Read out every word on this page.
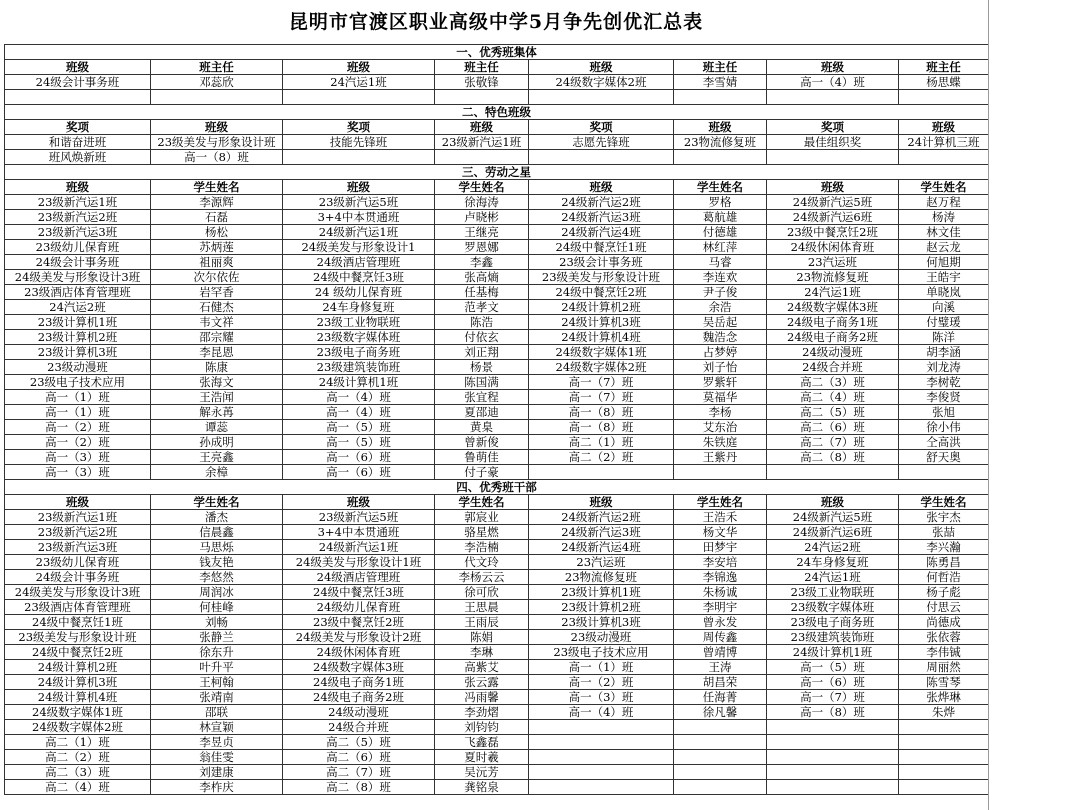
昆明市官渡区职业高级中学5月争先创优汇总表
一、优秀班集体							
班级	班主任	班级	班主任	班级	班主任	班级	班主任
24级会计事务班	邓蕊欣	24汽运1班	张敬锋	24级数字媒体2班	李雪婧	高一（4）班	杨思蝶

二、特色班级							
奖项	班级	奖项	班级	奖项	班级	奖项	班级
和谐奋进班	23级美发与形象设计班	技能先锋班	23级新汽运1班	志愿先锋班	23物流修复班	最佳组织奖	24计算机三班
班风焕新班	高一（8）班						
三、劳动之星							
班级	学生姓名	班级	学生姓名	班级	学生姓名	班级	学生姓名
23级新汽运1班	李源辉	23级新汽运5班	徐海涛	24级新汽运2班	罗格	24级新汽运5班	赵万程
23级新汽运2班	石磊	3+4中本贯通班	卢晓彬	24级新汽运3班	葛航雄	24级新汽运6班	杨涛
23级新汽运3班	杨松	24级新汽运1班	王继亮	24级新汽运4班	付德雄	23级中餐烹饪2班	林文佳
23级幼儿保育班	苏炳莲	24级美发与形象设计1	罗恩娜	24级中餐烹饪1班	林红萍	24级休闲体育班	赵云龙
24级会计事务班	祖丽爽	24级酒店管理班	李鑫	23级会计事务班	马睿	23汽运班	何旭期
24级美发与形象设计3班	次尔依佐	24级中餐烹饪3班	张高熵	23级美发与形象设计班	李连欢	23物流修复班	王皓宇
23级酒店体育管理班	岩罕香	24 级幼儿保育班	任基梅	24级中餐烹饪2班	尹子俊	24汽运1班	单晓岚
24汽运2班	石健杰	24车身修复班	范孝文	24级计算机2班	余浩	24级数字媒体3班	向溪
23级计算机1班	韦文祥	23级工业物联班	陈浩	24级计算机3班	吴岳起	24级电子商务1班	付璧瑗
23级计算机2班	邵宗耀	23级数字媒体班	付依玄	24级计算机4班	魏浩念	24级电子商务2班	陈洋
23级计算机3班	李昆恩	23级电子商务班	刘正翔	24级数字媒体1班	占梦婷	24级动漫班	胡李涵
23级动漫班	陈康	23级建筑装饰班	杨景	24级数字媒体2班	刘子怡	24级合并班	刘龙涛
23级电子技术应用	张海文	24级计算机1班	陈国满	高一（7）班	罗紫轩	高二（3）班	李树乾
高一（1）班	王浩闻	高一（4）班	张宜程	高一（7）班	莫福华	高二（4）班	李俊贤
高一（1）班	解永苒	高一（4）班	夏邵迪	高一（8）班	李杨	高二（5）班	张旭
高一（2）班	谭蕊	高一（5）班	黄臬	高一（8）班	艾东治	高二（6）班	徐小伟
高一（2）班	孙成明	高一（5）班	曾新俊	高二（1）班	朱铁庭	高二（7）班	仝高洪
高一（3）班	王亮鑫	高一（6）班	鲁萌佳	高二（2）班	王紫丹	高二（8）班	舒天奥
高一（3）班	余樟	高一（6）班	付子豪				
四、优秀班干部							
班级	学生姓名	班级	学生姓名	班级	学生姓名	班级	学生姓名
23级新汽运1班	潘杰	23级新汽运5班	郭宸业	24级新汽运2班	王浩禾	24级新汽运5班	张宇杰
23级新汽运2班	信晨鑫	3+4中本贯通班	骆星燃	24级新汽运3班	杨文华	24级新汽运6班	张喆
23级新汽运3班	马思烁	24级新汽运1班	李浩楠	24级新汽运4班	田梦宇	24汽运2班	李兴瀚
23级幼儿保育班	钱友艳	24级美发与形象设计1班	代文玲	23汽运班	李安培	24车身修复班	陈勇昌
24级会计事务班	李悠然	24级酒店管理班	李杨云云	23物流修复班	李锦逸	24汽运1班	何哲浩
24级美发与形象设计3班	周润冰	24级中餐烹饪3班	徐可欣	23级计算机1班	朱杨诚	23级工业物联班	杨子彪
23级酒店体育管理班	何桂峰	24级幼儿保育班	王思晨	23级计算机2班	李明宇	23级数字媒体班	付思云
24级中餐烹饪1班	刘畅	23级中餐烹饪2班	王雨辰	23级计算机3班	曾永发	23级电子商务班	尚德成
23级美发与形象设计班	张静兰	24级美发与形象设计2班	陈娟	23级动漫班	周传鑫	23级建筑装饰班	张依蓉
24级中餐烹饪2班	徐东升	24级休闲体育班	李琳	23级电子技术应用	曾靖博	24级计算机1班	李伟铖
24级计算机2班	叶升平	24级数字媒体3班	高紫艾	高一（1）班	王涛	高一（5）班	周丽然
24级计算机3班	王柯翰	24级电子商务1班	张云露	高一（2）班	胡昌荣	高一（6）班	陈雪琴
24级计算机4班	张靖南	24级电子商务2班	冯雨馨	高一（3）班	任海菁	高一（7）班	张烨琳
24级数字媒体1班	邵联	24级动漫班	李劲熠	高一（4）班	徐凡馨	高一（8）班	朱烨
24级数字媒体2班	林宣颖	24级合并班	刘钧钧				
高二（1）班	李昱贞	高二（5）班	飞鑫磊				
高二（2）班	翁佳雯	高二（6）班	夏时羲				
高二（3）班	刘建康	高二（7）班	吴沅芳				
高二（4）班	李柞庆	高二（8）班	龚铭泉				
